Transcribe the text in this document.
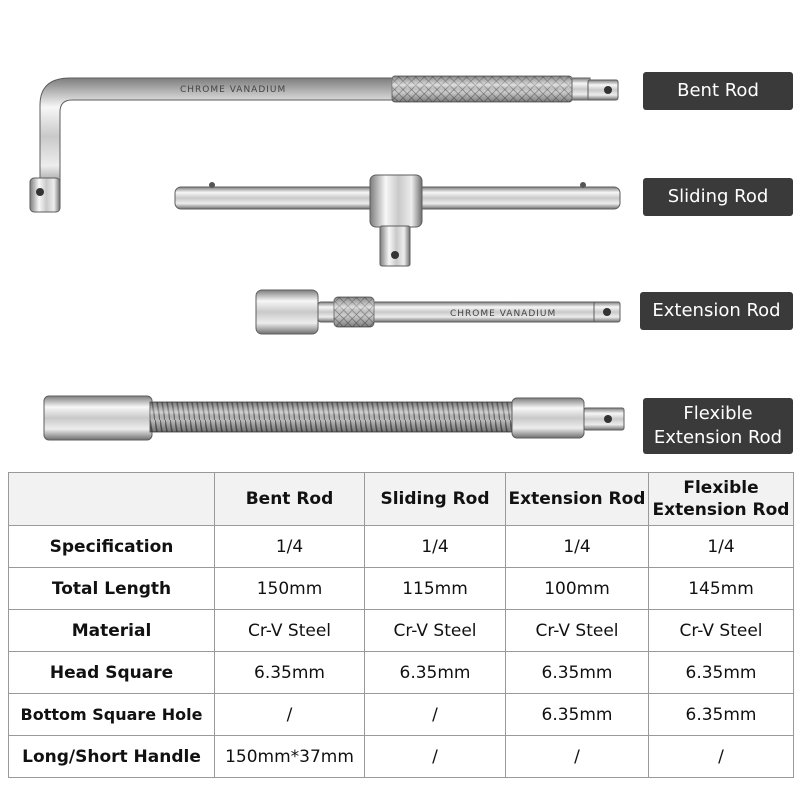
CHROME VANADIUM
CHROME VANADIUM
Bent Rod
Sliding Rod
Extension Rod
Flexible
Extension Rod
	Bent Rod	Sliding Rod	Extension Rod	Flexible Extension Rod
Specification	1/4	1/4	1/4	1/4
Total Length	150mm	115mm	100mm	145mm
Material	Cr-V Steel	Cr-V Steel	Cr-V Steel	Cr-V Steel
Head Square	6.35mm	6.35mm	6.35mm	6.35mm
Bottom Square Hole	/	/	6.35mm	6.35mm
Long/Short Handle	150mm*37mm	/	/	/
